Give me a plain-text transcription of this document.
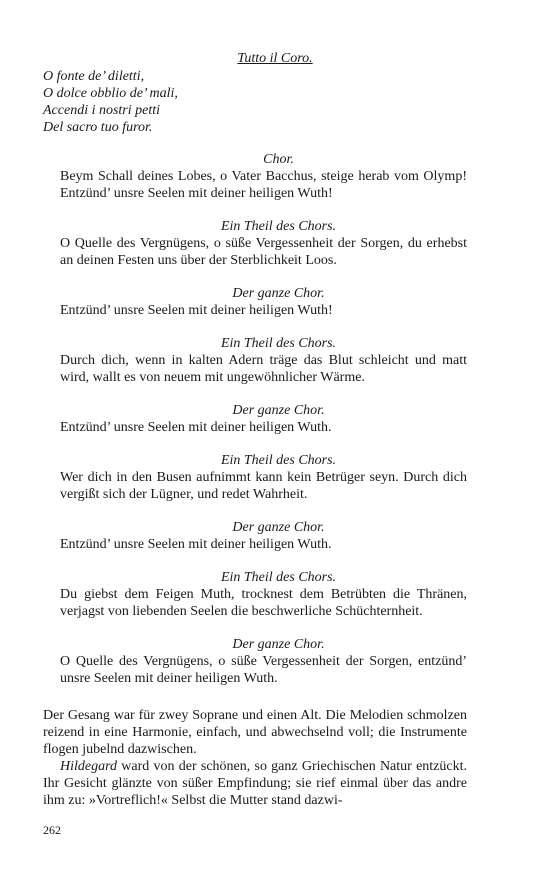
Tutto il Coro.
O fonte de’ diletti,
O dolce obblio de’ mali,
Accendi i nostri petti
Del sacro tuo furor.
Chor.
Beym Schall deines Lobes, o Vater Bacchus, steige herab vom Olymp! Entzünd’ unsre Seelen mit deiner heiligen Wuth!
Ein Theil des Chors.
O Quelle des Vergnügens, o süße Vergessenheit der Sorgen, du erhebst an deinen Festen uns über der Sterblichkeit Loos.
Der ganze Chor.
Entzünd’ unsre Seelen mit deiner heiligen Wuth!
Ein Theil des Chors.
Durch dich, wenn in kalten Adern träge das Blut schleicht und matt wird, wallt es von neuem mit ungewöhnlicher Wärme.
Der ganze Chor.
Entzünd’ unsre Seelen mit deiner heiligen Wuth.
Ein Theil des Chors.
Wer dich in den Busen aufnimmt kann kein Betrüger seyn. Durch dich vergißt sich der Lügner, und redet Wahrheit.
Der ganze Chor.
Entzünd’ unsre Seelen mit deiner heiligen Wuth.
Ein Theil des Chors.
Du giebst dem Feigen Muth, trocknest dem Betrübten die Thränen, verjagst von liebenden Seelen die beschwerliche Schüchternheit.
Der ganze Chor.
O Quelle des Vergnügens, o süße Vergessenheit der Sorgen, entzünd’ unsre Seelen mit deiner heiligen Wuth.

Der Gesang war für zwey Soprane und einen Alt. Die Melodien schmolzen reizend in eine Harmonie, einfach, und abwechselnd voll; die Instrumente flogen jubelnd dazwischen.

Hildegard ward von der schönen, so ganz Griechischen Natur entzückt. Ihr Gesicht glänzte von süßer Empfindung; sie rief einmal über das andre ihm zu: »Vortreflich!« Selbst die Mutter stand dazwi-

262
